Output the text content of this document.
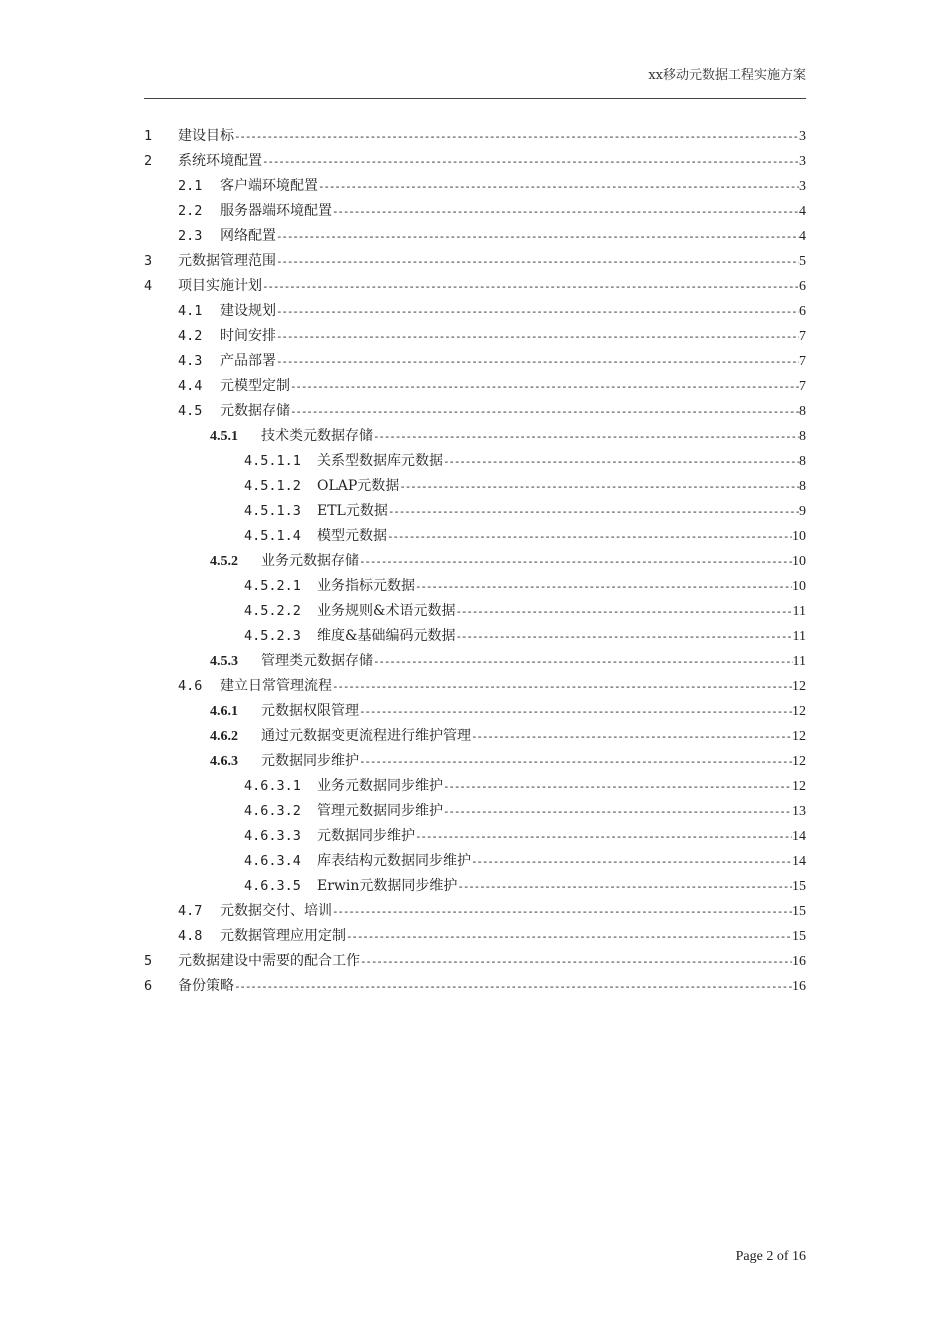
xx移动元数据工程实施方案
1	建设目标 -----	3
2	系统环境配置 -----	3
2.1	客户端环境配置 -----	3
2.2	服务器端环境配置 -----	4
2.3	网络配置 -----	4
3	元数据管理范围 -----	5
4	项目实施计划 -----	6
4.1	建设规划 -----	6
4.2	时间安排 -----	7
4.3	产品部署 -----	7
4.4	元模型定制 -----	7
4.5	元数据存储 -----	8
4.5.1	技术类元数据存储 -----	8
4.5.1.1	关系型数据库元数据 -----	8
4.5.1.2	OLAP元数据 -----	8
4.5.1.3	ETL元数据 -----	9
4.5.1.4	模型元数据 -----	10
4.5.2	业务元数据存储 -----	10
4.5.2.1	业务指标元数据 -----	10
4.5.2.2	业务规则&术语元数据 -----	11
4.5.2.3	维度&基础编码元数据 -----	11
4.5.3	管理类元数据存储 -----	11
4.6	建立日常管理流程 -----	12
4.6.1	元数据权限管理 -----	12
4.6.2	通过元数据变更流程进行维护管理 -----	12
4.6.3	元数据同步维护 -----	12
4.6.3.1	业务元数据同步维护 -----	12
4.6.3.2	管理元数据同步维护 -----	13
4.6.3.3	元数据同步维护 -----	14
4.6.3.4	库表结构元数据同步维护 -----	14
4.6.3.5	Erwin元数据同步维护 -----	15
4.7	元数据交付、培训 -----	15
4.8	元数据管理应用定制 -----	15
5	元数据建设中需要的配合工作 -----	16
6	备份策略 -----	16
Page 2 of 16
